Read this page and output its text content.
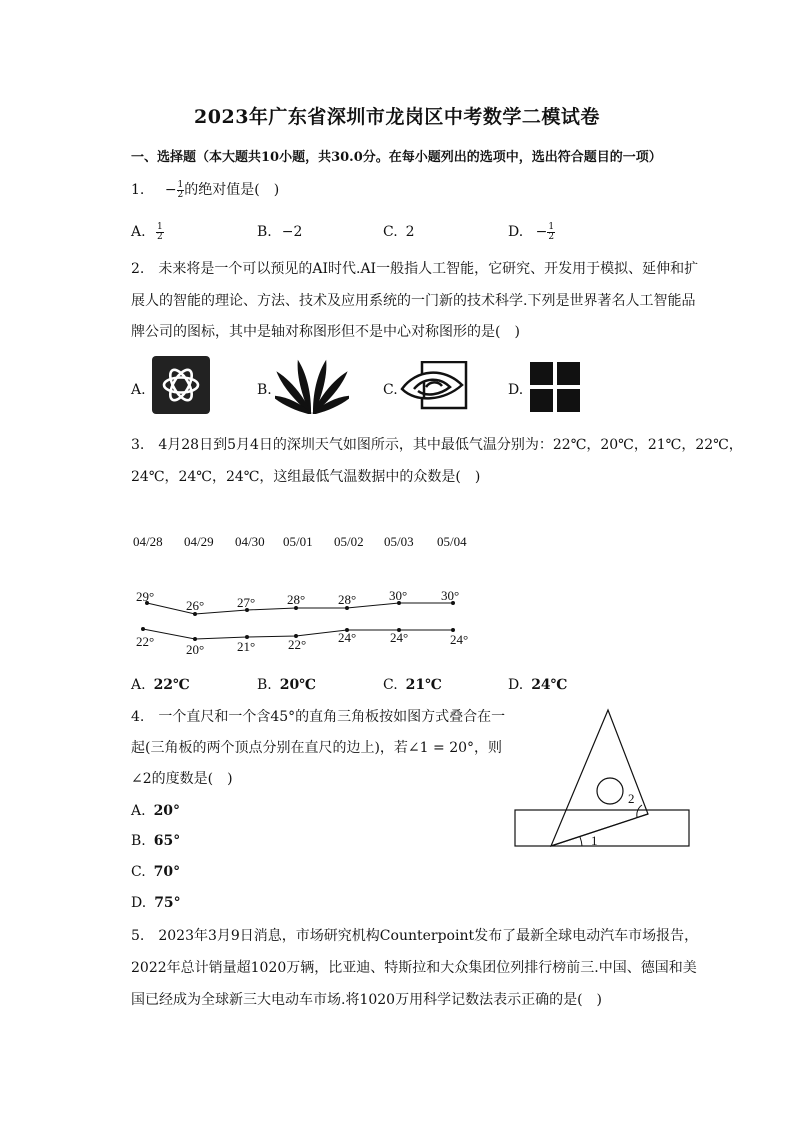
2023年广东省深圳市龙岗区中考数学二模试卷
一、选择题（本大题共10小题，共30.0分。在每小题列出的选项中，选出符合题目的一项）
1. − $\frac{1}{2}$ 的绝对值是(　)
A. $\frac{1}{2}$	B. −2	C. 2	D. − $\frac{1}{2}$
2. 未来将是一个可以预见的AI时代.AI一般指人工智能，它研究、开发用于模拟、延伸和扩
展人的智能的理论、方法、技术及应用系统的一门新的技术科学.下列是世界著名人工智能品
牌公司的图标，其中是轴对称图形但不是中心对称图形的是(　)
A.	B.	C.	D.
3. 4月28日到5月4日的深圳天气如图所示，其中最低气温分别为：22℃，20℃，21℃，22℃，
24℃，24℃，24℃，这组最低气温数据中的众数是(　)
04/28 04/29 04/30 05/01 05/02 05/03 05/04
29°
26°	27° 28°	28°	30°	30°
22°
20°	21°	22° 24°	24°	24°
A. 22℃	B. 20℃	C. 21℃	D. 24℃
4. 一个直尺和一个含45°的直角三角板按如图方式叠合在一
起(三角板的两个顶点分别在直尺的边上)，若∠1 = 20°，则
∠2的度数是(　)
A. 20°
B. 65°
C. 70°
D. 75°
1
2
5. 2023年3月9日消息，市场研究机构Counterpoint发布了最新全球电动汽车市场报告，
2022年总计销量超1020万辆，比亚迪、特斯拉和大众集团位列排行榜前三.中国、德国和美
国已经成为全球新三大电动车市场.将1020万用科学记数法表示正确的是(　)
